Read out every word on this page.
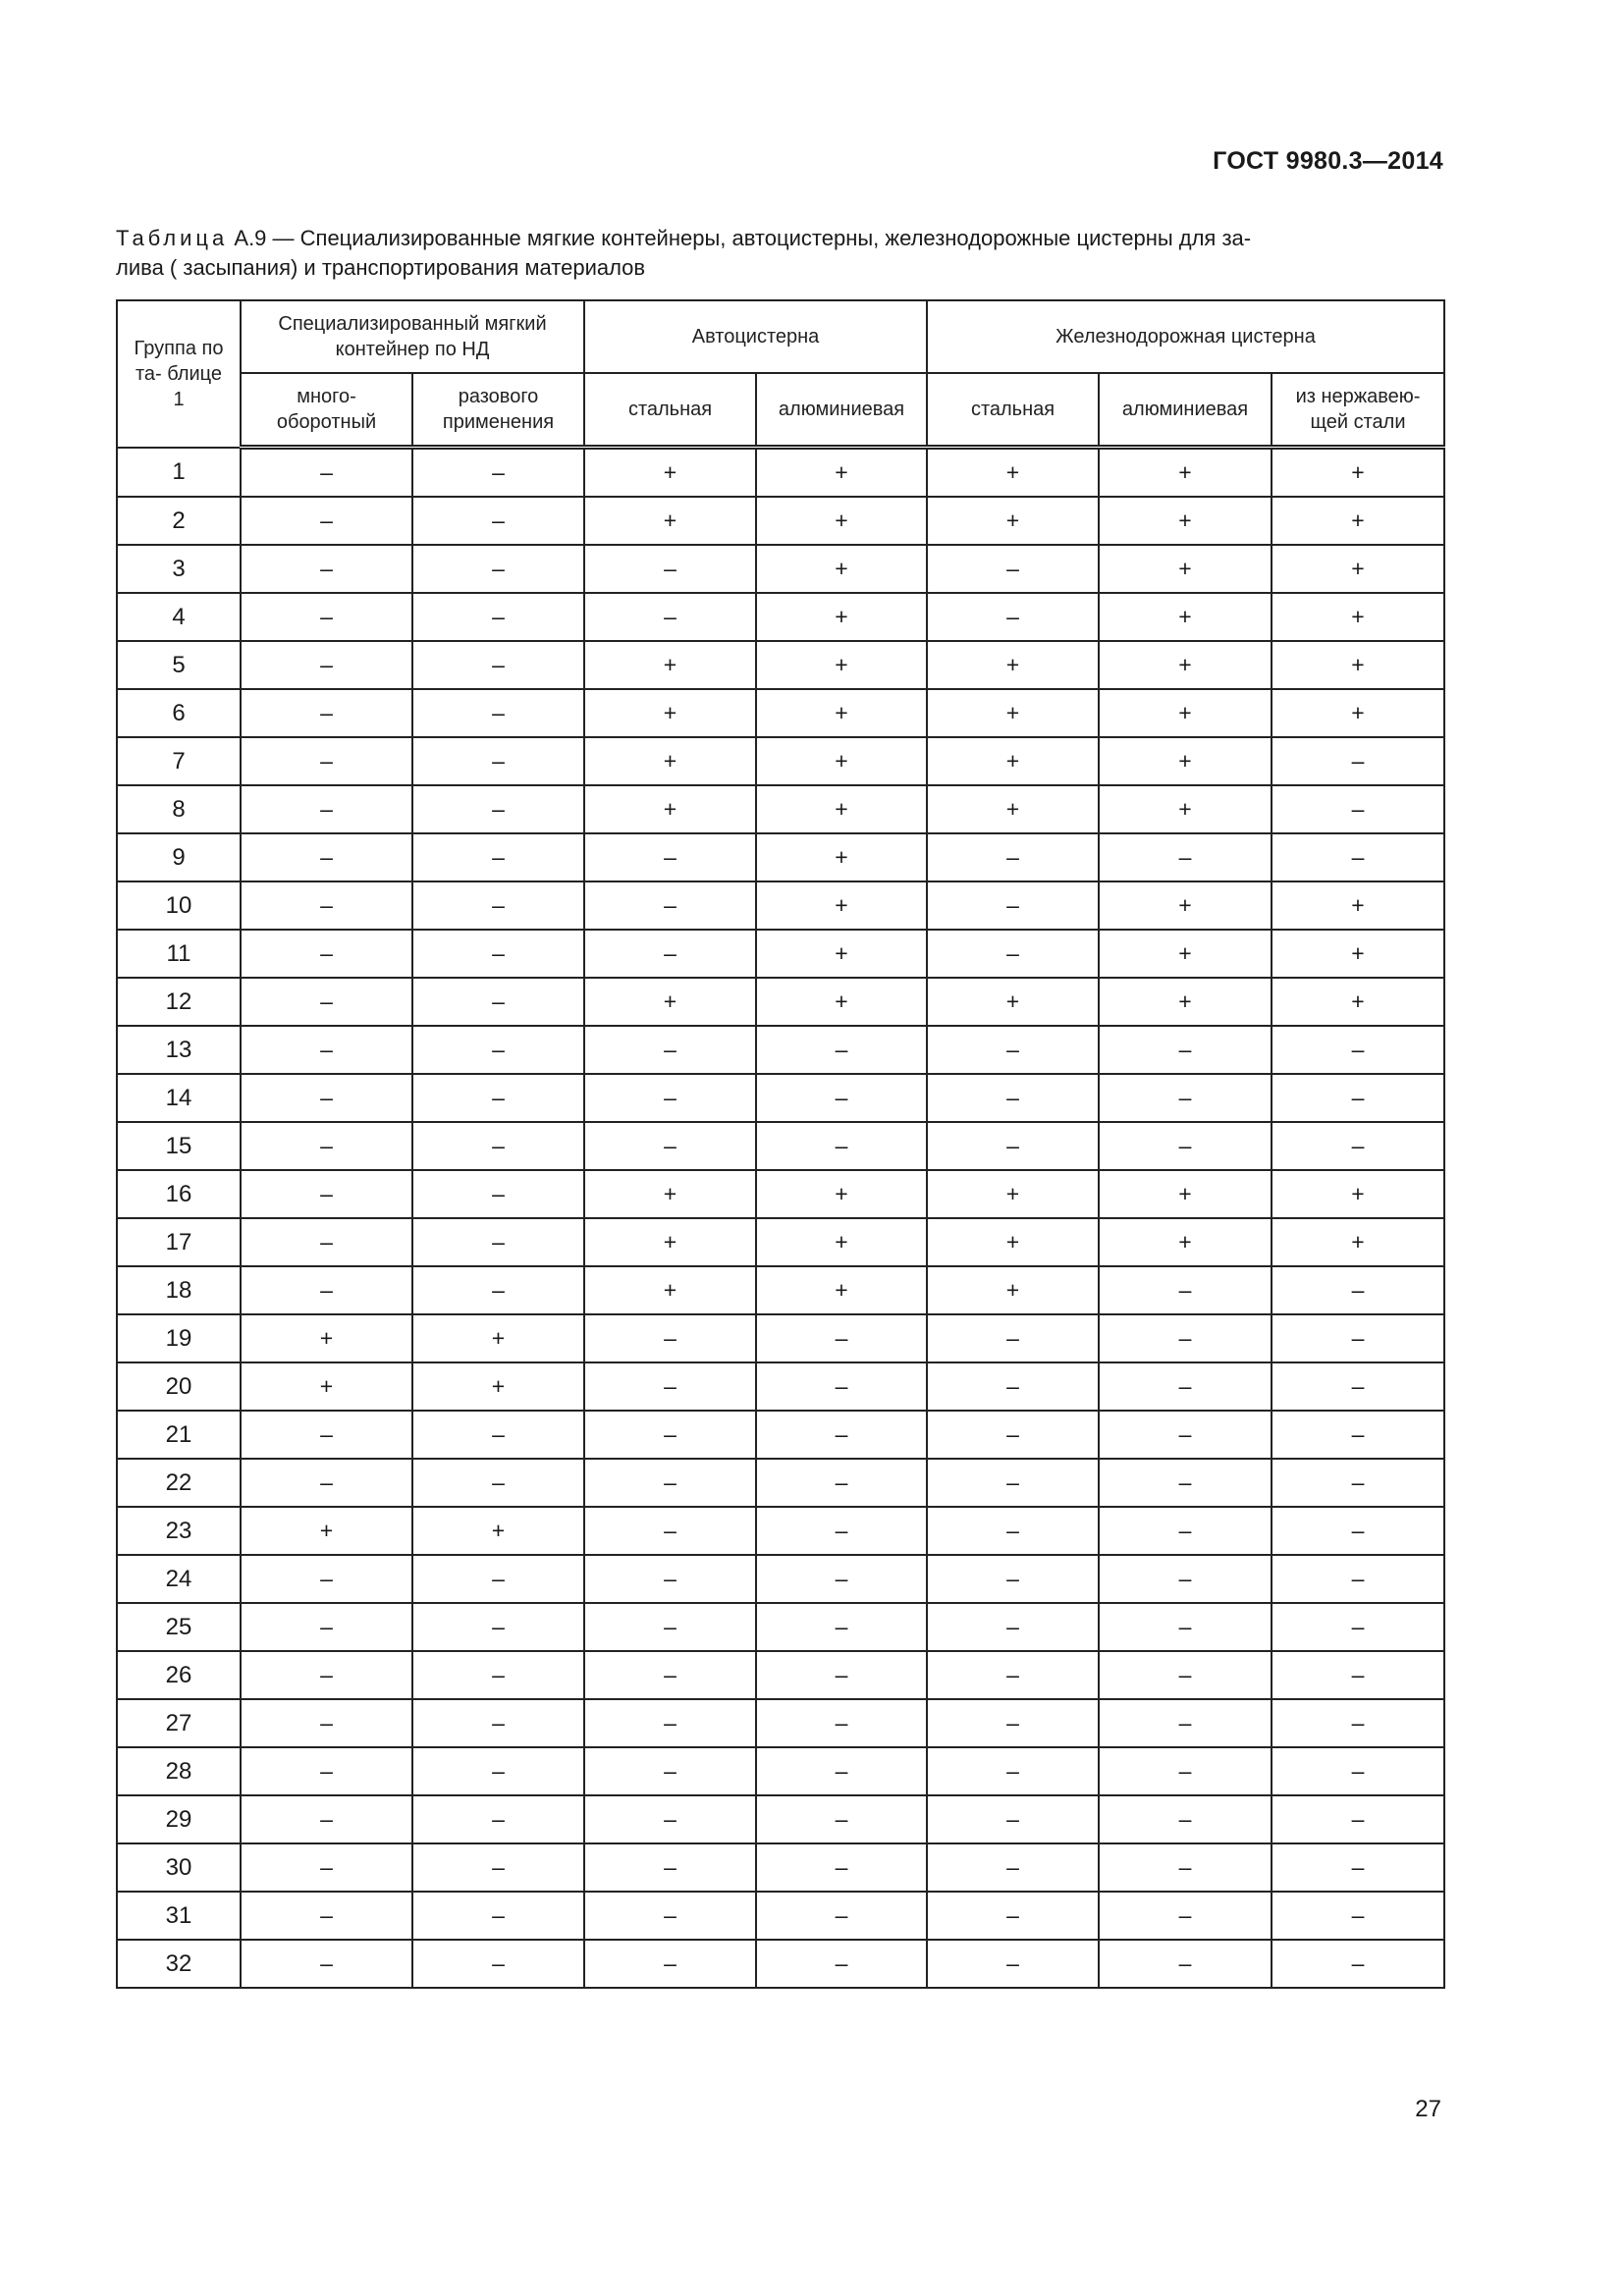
ГОСТ 9980.3—2014
Таблица А.9 — Специализированные мягкие контейнеры, автоцистерны, железнодорожные цистерны для за-
лива ( засыпания) и транспортирования материалов
Группа по та- блице 1	Специализированный мягкий контейнер по НД		Автоцистерна		Железнодорожная цистерна		
	много- оборотный	разового применения	стальная	алюминиевая	стальная	алюминиевая	из нержавею- щей стали
1	–	–	+	+	+	+	+
2	–	–	+	+	+	+	+
3	–	–	–	+	–	+	+
4	–	–	–	+	–	+	+
5	–	–	+	+	+	+	+
6	–	–	+	+	+	+	+
7	–	–	+	+	+	+	–
8	–	–	+	+	+	+	–
9	–	–	–	+	–	–	–
10	–	–	–	+	–	+	+
11	–	–	–	+	–	+	+
12	–	–	+	+	+	+	+
13	–	–	–	–	–	–	–
14	–	–	–	–	–	–	–
15	–	–	–	–	–	–	–
16	–	–	+	+	+	+	+
17	–	–	+	+	+	+	+
18	–	–	+	+	+	–	–
19	+	+	–	–	–	–	–
20	+	+	–	–	–	–	–
21	–	–	–	–	–	–	–
22	–	–	–	–	–	–	–
23	+	+	–	–	–	–	–
24	–	–	–	–	–	–	–
25	–	–	–	–	–	–	–
26	–	–	–	–	–	–	–
27	–	–	–	–	–	–	–
28	–	–	–	–	–	–	–
29	–	–	–	–	–	–	–
30	–	–	–	–	–	–	–
31	–	–	–	–	–	–	–
32	–	–	–	–	–	–	–
27
